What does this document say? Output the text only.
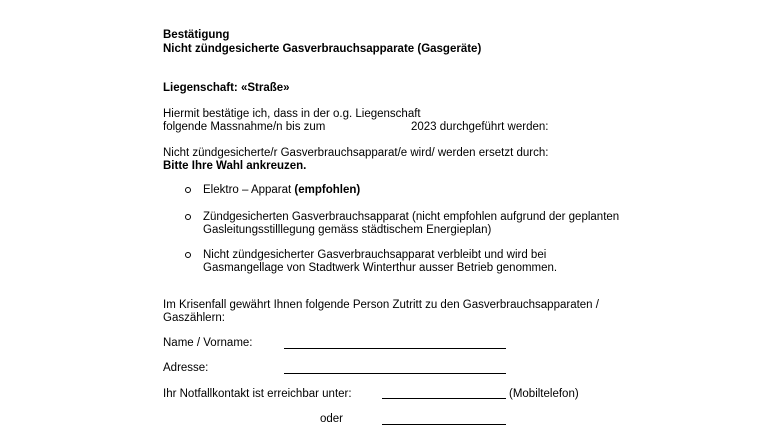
Bestätigung
Nicht zündgesicherte Gasverbrauchsapparate (Gasgeräte)
Liegenschaft: «Straße»
Hiermit bestätige ich, dass in der o.g. Liegenschaft
folgende Massnahme/n bis zum	2023 durchgeführt werden:
Nicht zündgesicherte/r Gasverbrauchsapparat/e wird/ werden ersetzt durch:
Bitte Ihre Wahl ankreuzen.
Elektro – Apparat (empfohlen)
Zündgesicherten Gasverbrauchsapparat (nicht empfohlen aufgrund der geplanten
Gasleitungsstilllegung gemäss städtischem Energieplan)
Nicht zündgesicherter Gasverbrauchsapparat verbleibt und wird bei
Gasmangellage von Stadtwerk Winterthur ausser Betrieb genommen.
Im Krisenfall gewährt Ihnen folgende Person Zutritt zu den Gasverbrauchsapparaten /
Gaszählern:
Name / Vorname:
Adresse:
Ihr Notfallkontakt ist erreichbar unter:	(Mobiltelefon)
oder
